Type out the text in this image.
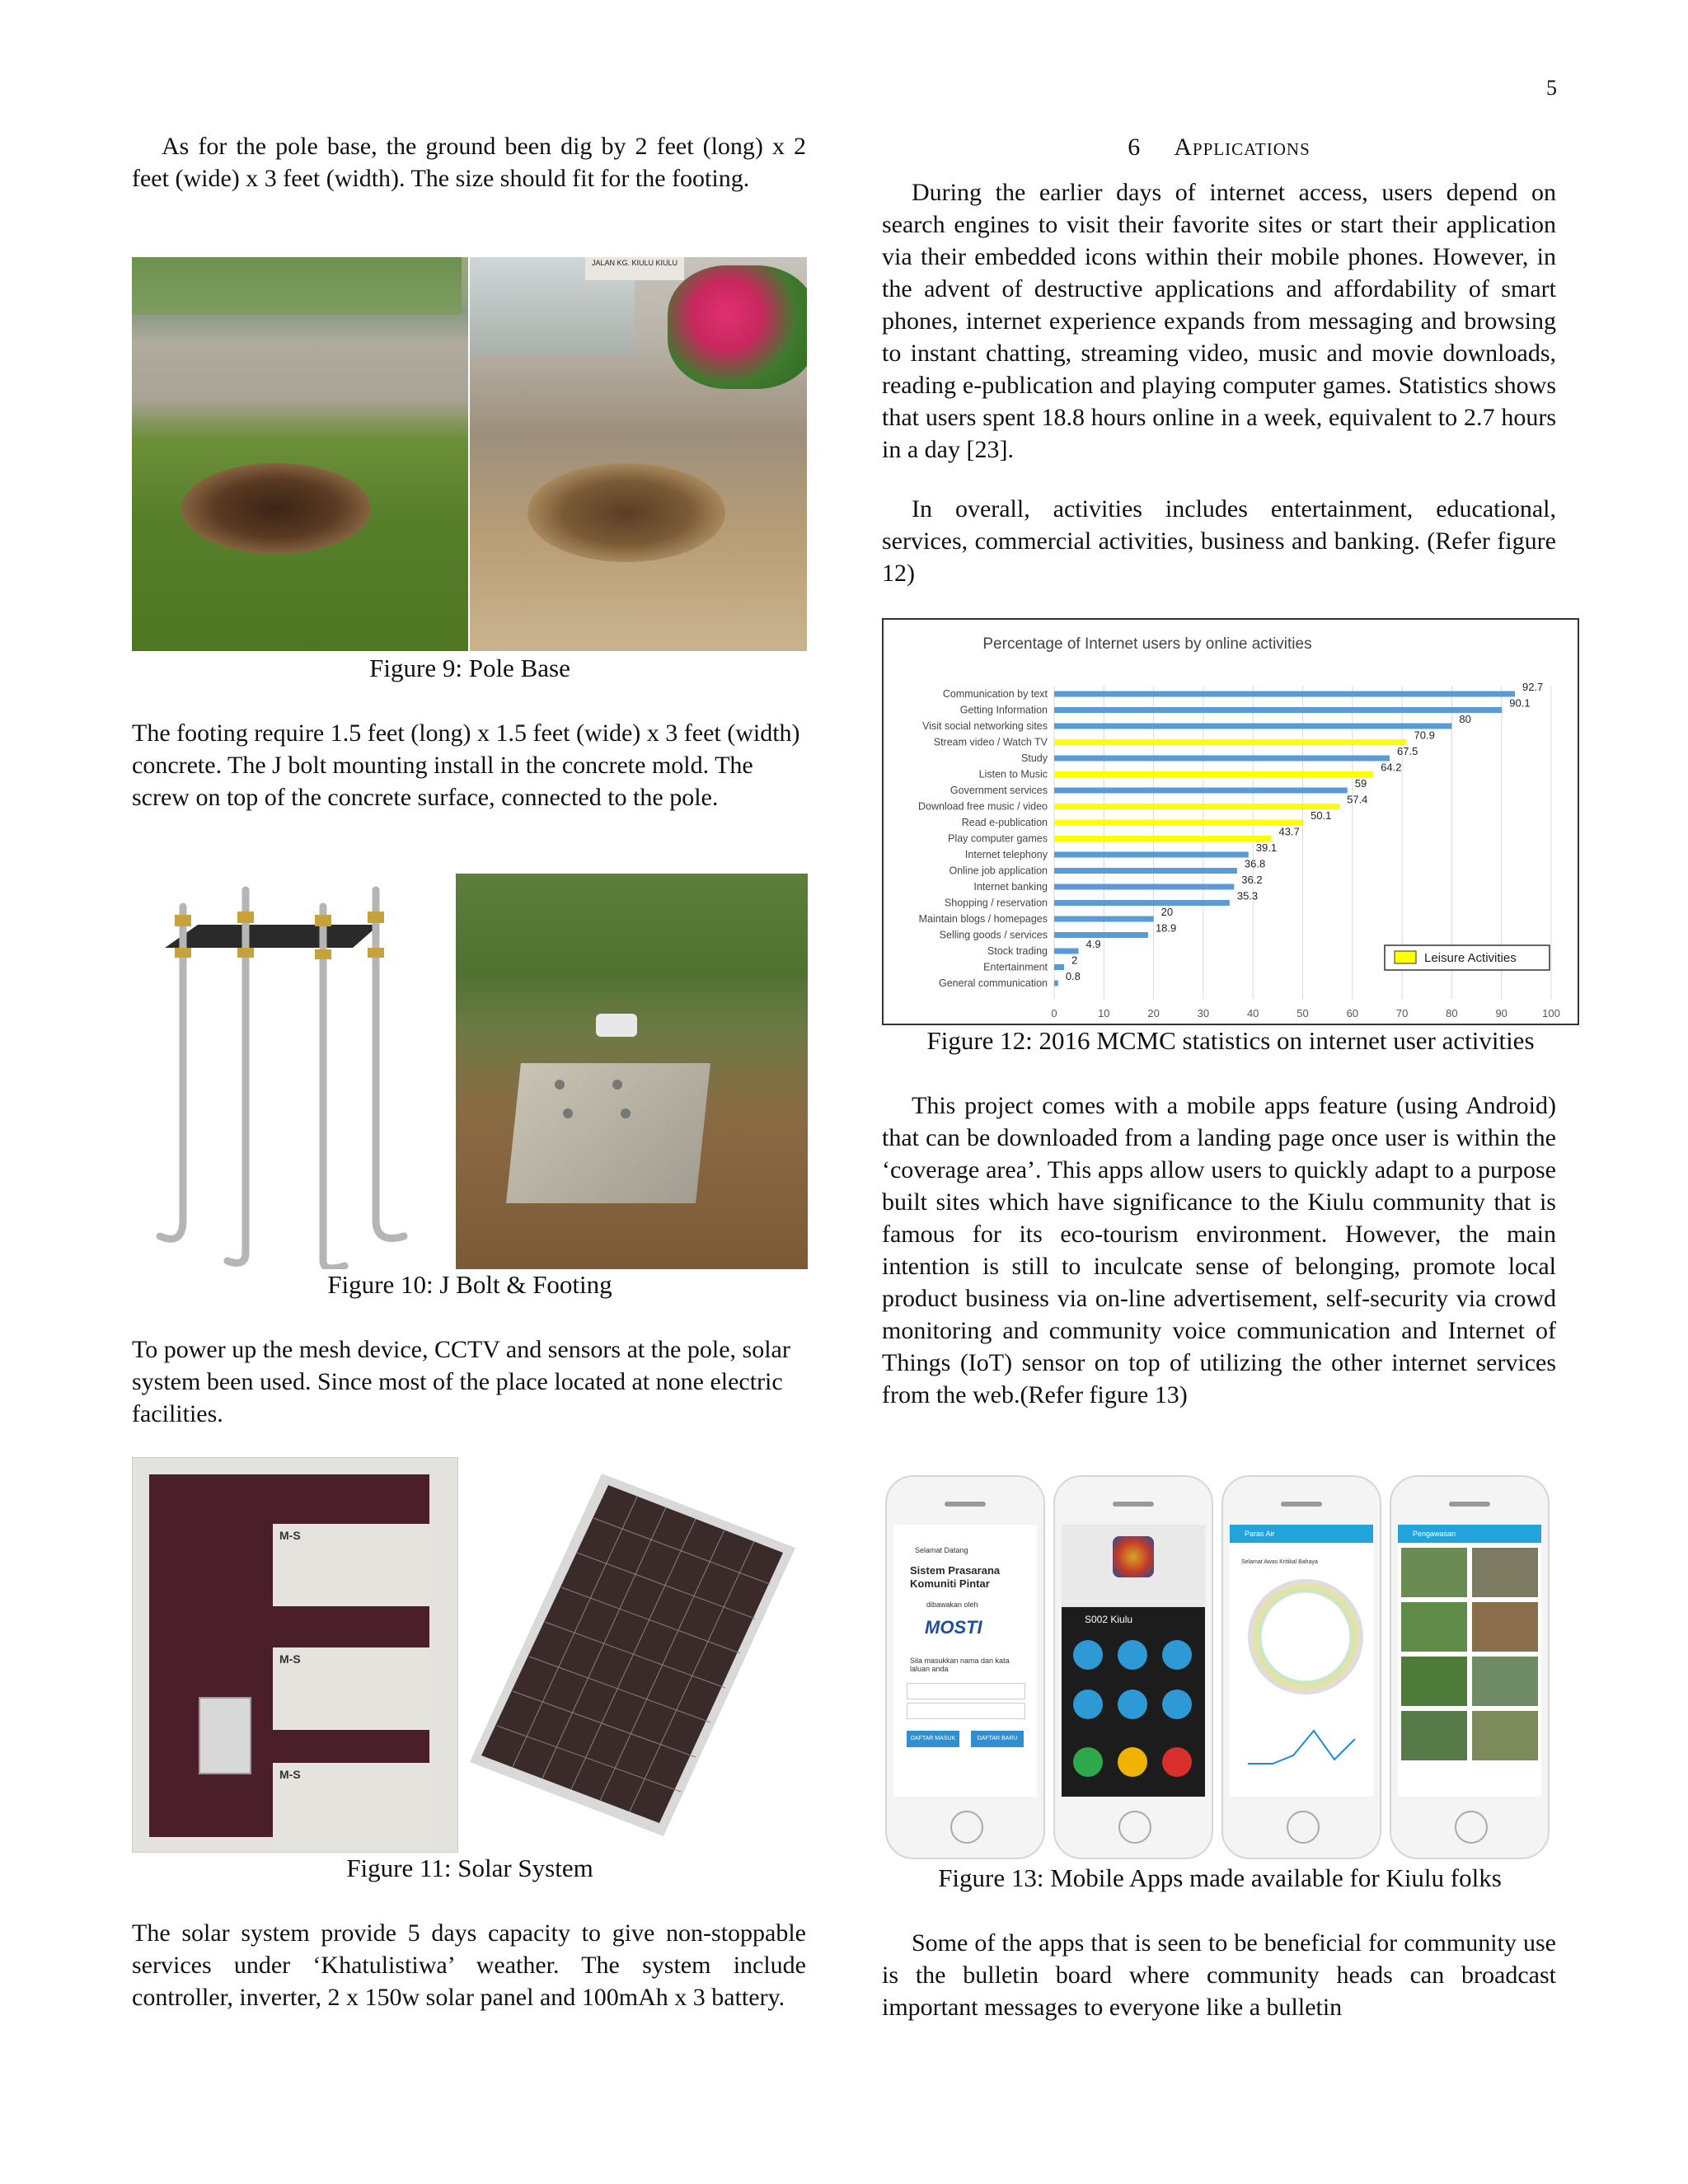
5

As for the pole base, the ground been dig by 2 feet (long) x 2 feet (wide) x 3 feet (width). The size should fit for the footing.

JALAN KG. KIULU KIULU
Figure 9: Pole Base

The footing require 1.5 feet (long) x 1.5 feet (wide) x 3 feet (width) concrete. The J bolt mounting install in the concrete mold. The screw on top of the concrete surface, connected to the pole.

Figure 10: J Bolt & Footing

To power up the mesh device, CCTV and sensors at the pole, solar system been used. Since most of the place located at none electric facilities.

M-S
M-S
M-S
Figure 11: Solar System

The solar system provide 5 days capacity to give non-stoppable services under ‘Khatulistiwa’ weather. The system include controller, inverter, 2 x 150w solar panel and 100mAh x 3 battery.

6 Applications

During the earlier days of internet access, users depend on search engines to visit their favorite sites or start their application via their embedded icons within their mobile phones. However, in the advent of destructive applications and affordability of smart phones, internet experience expands from messaging and browsing to instant chatting, streaming video, music and movie downloads, reading e-publication and playing computer games. Statistics shows that users spent 18.8 hours online in a week, equivalent to 2.7 hours in a day [23].

In overall, activities includes entertainment, educational, services, commercial activities, business and banking. (Refer figure 12)

Percentage of Internet users by online activities
Communication by text
92.7
Getting Information
90.1
Visit social networking sites
80
Stream video / Watch TV
70.9
Study
67.5
Listen to Music
64.2
Government services
59
Download free music / video
57.4
Read e-publication
50.1
Play computer games
43.7
Internet telephony
39.1
Online job application
36.8
Internet banking
36.2
Shopping / reservation
35.3
Maintain blogs / homepages
20
Selling goods / services
18.9
Stock trading
4.9
Entertainment
2
General communication
0.8
0	10	20	30	40	50	60	70	80	90	100
Leisure Activities
Figure 12: 2016 MCMC statistics on internet user activities

This project comes with a mobile apps feature (using Android) that can be downloaded from a landing page once user is within the ‘coverage area’. This apps allow users to quickly adapt to a purpose built sites which have significance to the Kiulu community that is famous for its eco-tourism environment. However, the main intention is still to inculcate sense of belonging, promote local product business via on-line advertisement, self-security via crowd monitoring and community voice communication and Internet of Things (IoT) sensor on top of utilizing the other internet services from the web.(Refer figure 13)

Selamat Datang
Sistem Prasarana Komuniti Pintar
dibawakan oleh
MOSTI
Sila masukkan nama dan kata laluan anda
DAFTAR MASUK	DAFTAR BARU
S002 Kiulu
Paras Air
Selamat Awas Kritikal Bahaya
Pengawasan
Figure 13: Mobile Apps made available for Kiulu folks

Some of the apps that is seen to be beneficial for community use is the bulletin board where community heads can broadcast important messages to everyone like a bulletin
